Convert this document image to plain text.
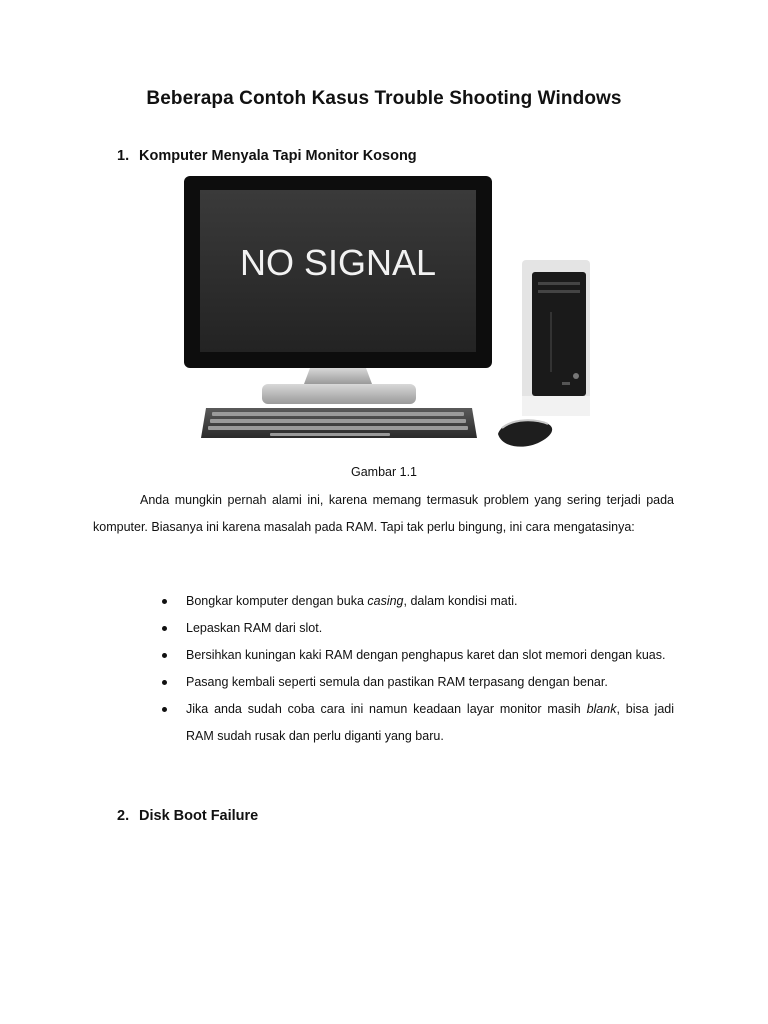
Beberapa Contoh Kasus Trouble Shooting Windows
1. Komputer Menyala Tapi Monitor Kosong
NO SIGNAL
Gambar 1.1

Anda mungkin pernah alami ini, karena memang termasuk problem yang sering terjadi pada komputer. Biasanya ini karena masalah pada RAM. Tapi tak perlu bingung, ini cara mengatasinya:

Bongkar komputer dengan buka casing, dalam kondisi mati.
Lepaskan RAM dari slot.
Bersihkan kuningan kaki RAM dengan penghapus karet dan slot memori dengan kuas.
Pasang kembali seperti semula dan pastikan RAM terpasang dengan benar.
Jika anda sudah coba cara ini namun keadaan layar monitor masih blank, bisa jadi RAM sudah rusak dan perlu diganti yang baru.
2. Disk Boot Failure
